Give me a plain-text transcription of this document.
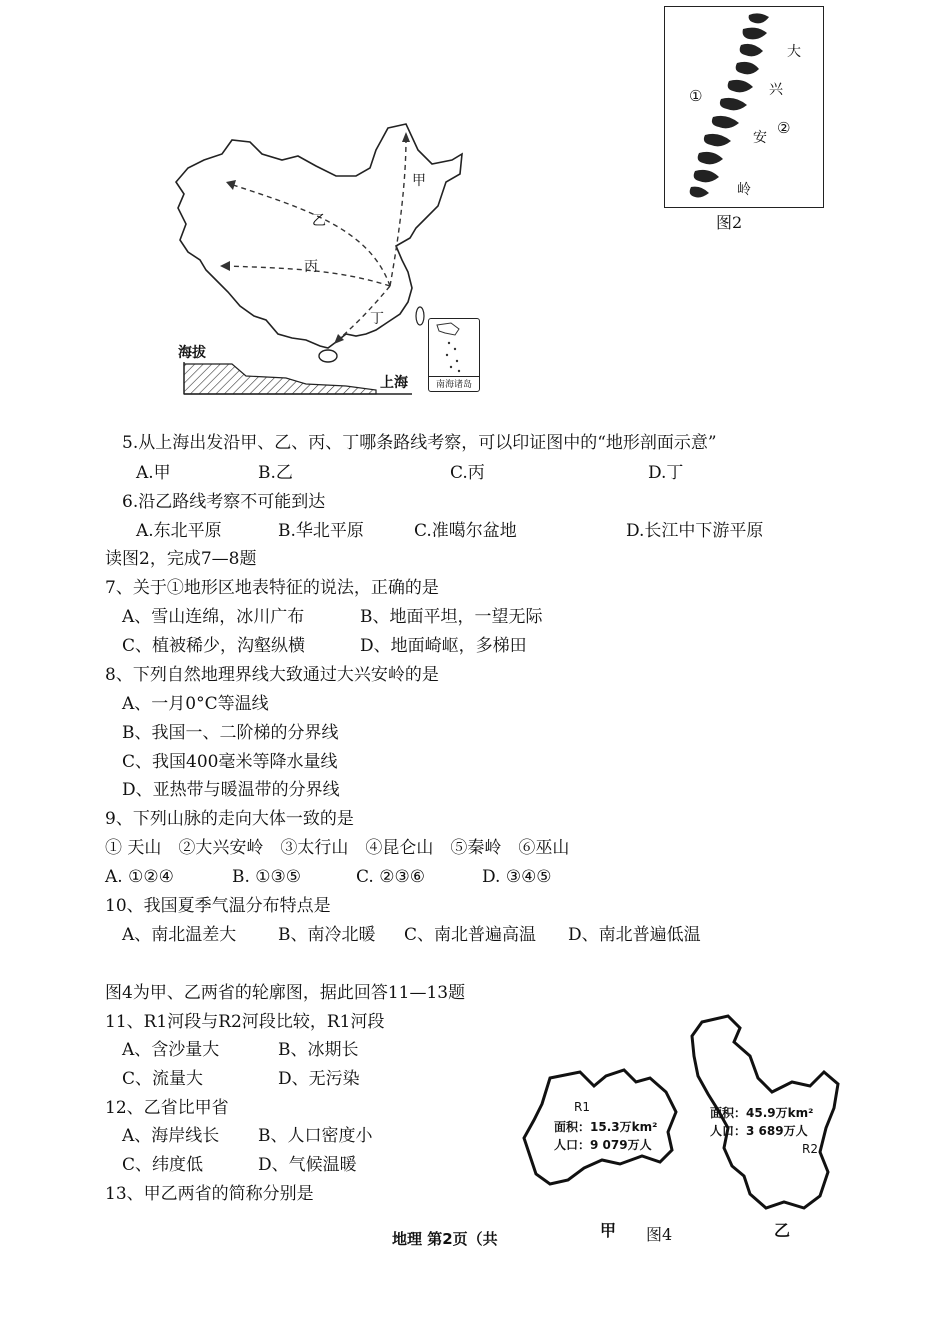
甲
乙
丙
丁
南海诸岛
海拔
上海
①
大
兴
安
②
岭
图2
5.从上海出发沿甲、乙、丙、丁哪条路线考察，可以印证图中的“地形剖面示意”
A.甲	B.乙	C.丙	D.丁
6.沿乙路线考察不可能到达
A.东北平原	B.华北平原	C.准噶尔盆地	D.长江中下游平原
读图2，完成7—8题
7、关于①地形区地表特征的说法，正确的是
A、雪山连绵，冰川广布	B、地面平坦，一望无际
C、植被稀少，沟壑纵横	D、地面崎岖，多梯田
8、下列自然地理界线大致通过大兴安岭的是
A、一月0°C等温线
B、我国一、二阶梯的分界线
C、我国400毫米等降水量线
D、亚热带与暖温带的分界线
9、下列山脉的走向大体一致的是
① 天山　②大兴安岭　③太行山　④昆仑山　⑤秦岭　⑥巫山
A. ①②④	B. ①③⑤	C. ②③⑥	D. ③④⑤
10、我国夏季气温分布特点是
A、南北温差大 B、南冷北暖 C、南北普遍高温 D、南北普遍低温
图4为甲、乙两省的轮廓图，据此回答11—13题
11、R1河段与R2河段比较，R1河段
A、含沙量大	B、冰期长
C、流量大	D、无污染
12、乙省比甲省
A、海岸线长 B、人口密度小
C、纬度低	D、气候温暖
13、甲乙两省的简称分别是
R1
面积：15.3万km²
人口：9 079万人
面积：45.9万km²
人口：3 689万人
R2
甲 图4	乙
地理 第2页（共
